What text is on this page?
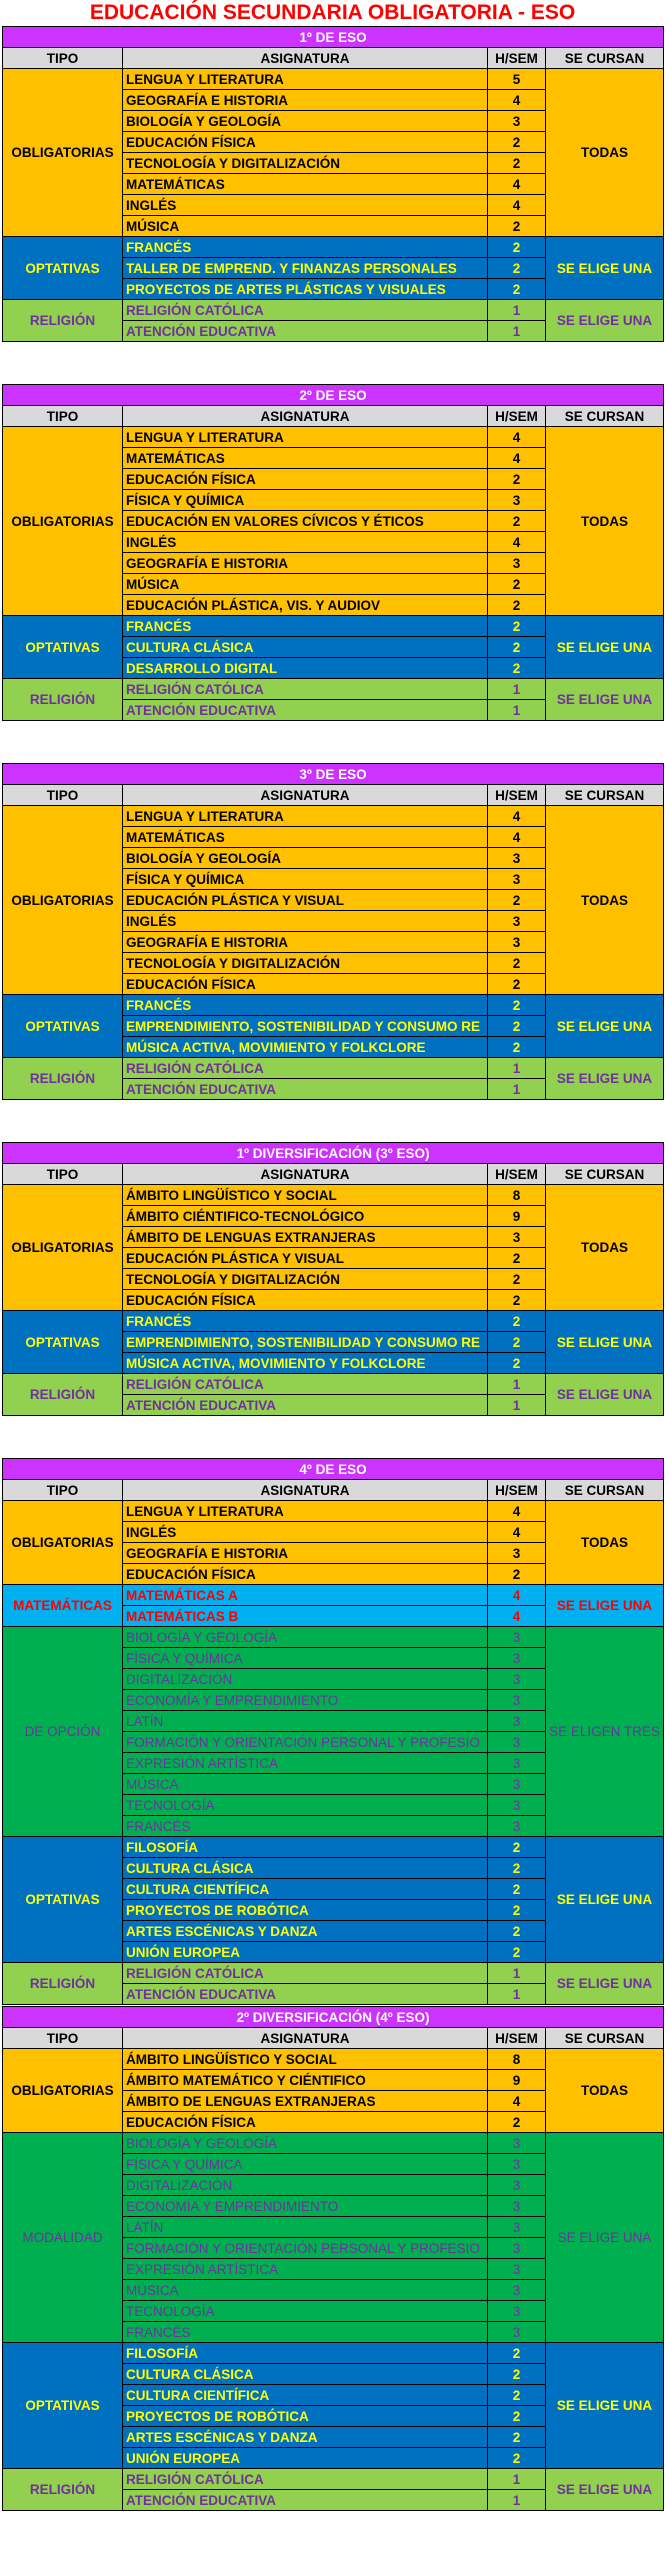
EDUCACIÓN SECUNDARIA OBLIGATORIA - ESO
1º DE ESO			
TIPO	ASIGNATURA	H/SEM	SE CURSAN
OBLIGATORIAS	LENGUA Y LITERATURA	5	TODAS
	GEOGRAFÍA E HISTORIA	4	
	BIOLOGÍA Y GEOLOGÍA	3	
	EDUCACIÓN FÍSICA	2	
	TECNOLOGÍA Y DIGITALIZACIÓN	2	
	MATEMÁTICAS	4	
	INGLÉS	4	
	MÚSICA	2	
OPTATIVAS	FRANCÉS	2	SE ELIGE UNA
	TALLER DE EMPREND. Y FINANZAS PERSONALES	2	
	PROYECTOS DE ARTES PLÁSTICAS Y VISUALES	2	
RELIGIÓN	RELIGIÓN CATÓLICA	1	SE ELIGE UNA
	ATENCIÓN EDUCATIVA	1	
2º DE ESO			
TIPO	ASIGNATURA	H/SEM	SE CURSAN
OBLIGATORIAS	LENGUA Y LITERATURA	4	TODAS
	MATEMÁTICAS	4	
	EDUCACIÓN FÍSICA	2	
	FÍSICA Y QUÍMICA	3	
	EDUCACIÓN EN VALORES CÍVICOS Y ÉTICOS	2	
	INGLÉS	4	
	GEOGRAFÍA E HISTORIA	3	
	MÚSICA	2	
	EDUCACIÓN PLÁSTICA, VIS. Y AUDIOV	2	
OPTATIVAS	FRANCÉS	2	SE ELIGE UNA
	CULTURA CLÁSICA	2	
	DESARROLLO DIGITAL	2	
RELIGIÓN	RELIGIÓN CATÓLICA	1	SE ELIGE UNA
	ATENCIÓN EDUCATIVA	1	
3º DE ESO			
TIPO	ASIGNATURA	H/SEM	SE CURSAN
OBLIGATORIAS	LENGUA Y LITERATURA	4	TODAS
	MATEMÁTICAS	4	
	BIOLOGÍA Y GEOLOGÍA	3	
	FÍSICA Y QUÍMICA	3	
	EDUCACIÓN PLÁSTICA Y VISUAL	2	
	INGLÉS	3	
	GEOGRAFÍA E HISTORIA	3	
	TECNOLOGÍA Y DIGITALIZACIÓN	2	
	EDUCACIÓN FÍSICA	2	
OPTATIVAS	FRANCÉS	2	SE ELIGE UNA
	EMPRENDIMIENTO, SOSTENIBILIDAD Y CONSUMO RE	2	
	MÚSICA ACTIVA, MOVIMIENTO Y FOLKCLORE	2	
RELIGIÓN	RELIGIÓN CATÓLICA	1	SE ELIGE UNA
	ATENCIÓN EDUCATIVA	1	
1º DIVERSIFICACIÓN (3º ESO)			
TIPO	ASIGNATURA	H/SEM	SE CURSAN
OBLIGATORIAS	ÁMBITO LINGÜÍSTICO Y SOCIAL	8	TODAS
	ÁMBITO CIÉNTIFICO-TECNOLÓGICO	9	
	ÁMBITO DE LENGUAS EXTRANJERAS	3	
	EDUCACIÓN PLÁSTICA Y VISUAL	2	
	TECNOLOGÍA Y DIGITALIZACIÓN	2	
	EDUCACIÓN FÍSICA	2	
OPTATIVAS	FRANCÉS	2	SE ELIGE UNA
	EMPRENDIMIENTO, SOSTENIBILIDAD Y CONSUMO RE	2	
	MÚSICA ACTIVA, MOVIMIENTO Y FOLKCLORE	2	
RELIGIÓN	RELIGIÓN CATÓLICA	1	SE ELIGE UNA
	ATENCIÓN EDUCATIVA	1	
4º DE ESO			
TIPO	ASIGNATURA	H/SEM	SE CURSAN
OBLIGATORIAS	LENGUA Y LITERATURA	4	TODAS
	INGLÉS	4	
	GEOGRAFÍA E HISTORIA	3	
	EDUCACIÓN FÍSICA	2	
MATEMÁTICAS	MATEMÁTICAS A	4	SE ELIGE UNA
	MATEMÁTICAS B	4	
DE OPCIÓN	BIOLOGÍA Y GEOLOGÍA	3	SE ELIGEN TRES
	FÍSICA Y QUÍMICA	3	
	DIGITALIZACIÓN	3	
	ECONOMÍA Y EMPRENDIMIENTO	3	
	LATÍN	3	
	FORMACIÓN Y ORIENTACIÓN PERSONAL Y PROFESIO	3	
	EXPRESIÓN ARTÍSTICA	3	
	MÚSICA	3	
	TECNOLOGÍA	3	
	FRANCÉS	3	
OPTATIVAS	FILOSOFÍA	2	SE ELIGE UNA
	CULTURA CLÁSICA	2	
	CULTURA CIENTÍFICA	2	
	PROYECTOS DE ROBÓTICA	2	
	ARTES ESCÉNICAS Y DANZA	2	
	UNIÓN EUROPEA	2	
RELIGIÓN	RELIGIÓN CATÓLICA	1	SE ELIGE UNA
	ATENCIÓN EDUCATIVA	1	
2º DIVERSIFICACIÓN (4º ESO)			
TIPO	ASIGNATURA	H/SEM	SE CURSAN
OBLIGATORIAS	ÁMBITO LINGÜÍSTICO Y SOCIAL	8	TODAS
	ÁMBITO MATEMÁTICO Y CIÉNTIFICO	9	
	ÁMBITO DE LENGUAS EXTRANJERAS	4	
	EDUCACIÓN FÍSICA	2	
MODALIDAD	BIOLOGÍA Y GEOLOGÍA	3	SE ELIGE UNA
	FÍSICA Y QUÍMICA	3	
	DIGITALIZACIÓN	3	
	ECONOMÍA Y EMPRENDIMIENTO	3	
	LATÍN	3	
	FORMACIÓN Y ORIENTACIÓN PERSONAL Y PROFESIO	3	
	EXPRESIÓN ARTÍSTICA	3	
	MÚSICA	3	
	TECNOLOGÍA	3	
	FRANCÉS	3	
OPTATIVAS	FILOSOFÍA	2	SE ELIGE UNA
	CULTURA CLÁSICA	2	
	CULTURA CIENTÍFICA	2	
	PROYECTOS DE ROBÓTICA	2	
	ARTES ESCÉNICAS Y DANZA	2	
	UNIÓN EUROPEA	2	
RELIGIÓN	RELIGIÓN CATÓLICA	1	SE ELIGE UNA
	ATENCIÓN EDUCATIVA	1	
